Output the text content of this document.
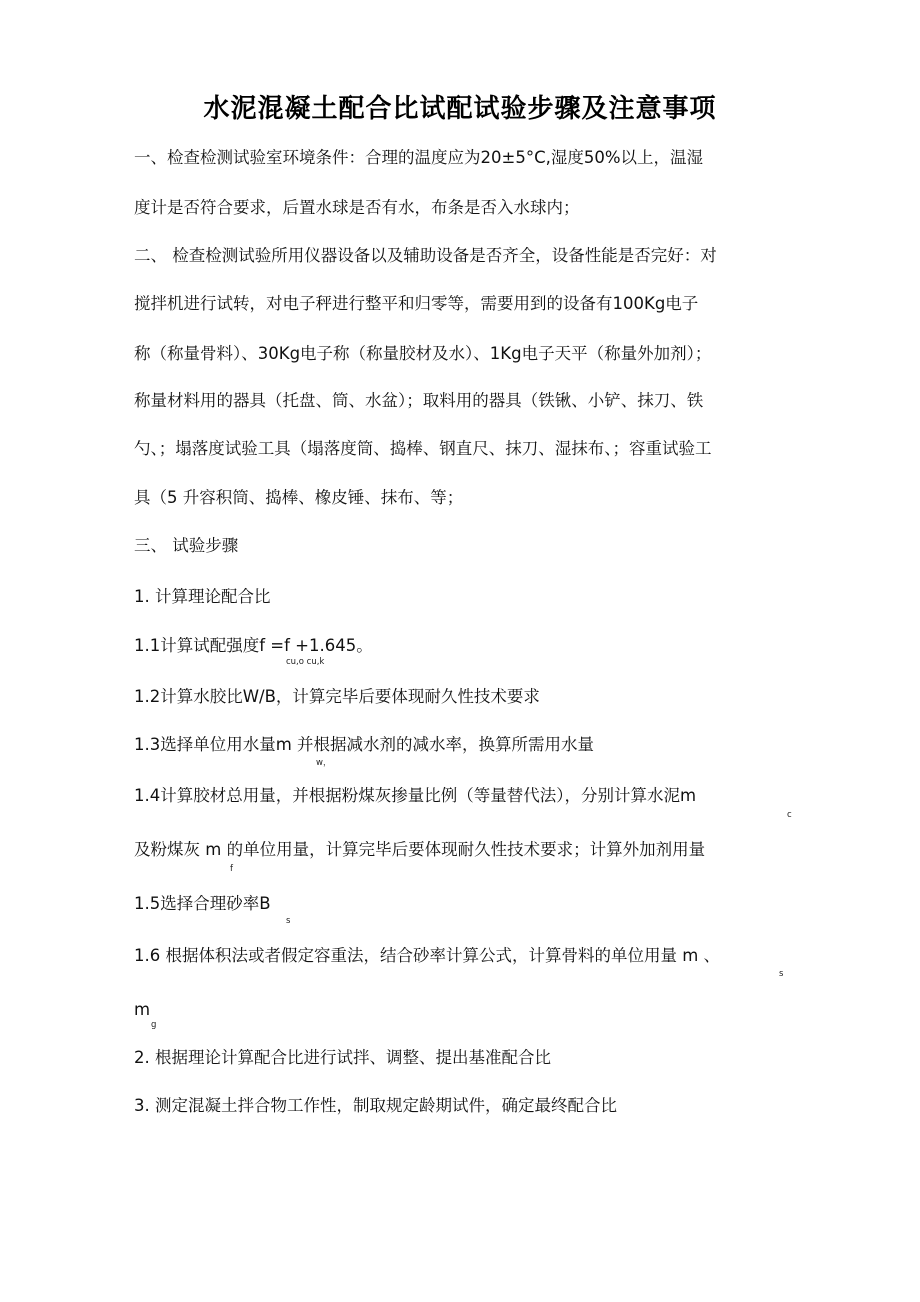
水泥混凝土配合比试配试验步骤及注意事项
一、检查检测试验室环境条件：合理的温度应为20±5°C,湿度50%以上，温湿
度计是否符合要求，后置水球是否有水，布条是否入水球内；
二、 检查检测试验所用仪器设备以及辅助设备是否齐全，设备性能是否完好：对
搅拌机进行试转，对电子秤进行整平和归零等，需要用到的设备有100Kg电子
称（称量骨料）、30Kg电子称（称量胶材及水）、1Kg电子天平（称量外加剂）；
称量材料用的器具（托盘、筒、水盆）；取料用的器具（铁锹、小铲、抹刀、铁
勺、；塌落度试验工具（塌落度筒、捣棒、钢直尺、抹刀、湿抹布、；容重试验工
具（5 升容积筒、捣棒、橡皮锤、抹布、等；
三、 试验步骤
1. 计算理论配合比
1.1计算试配强度f =f +1.645。
cu,o cu,k
1.2计算水胶比W/B，计算完毕后要体现耐久性技术要求
1.3选择单位用水量m 并根据减水剂的减水率，换算所需用水量
w，
1.4计算胶材总用量，并根据粉煤灰掺量比例（等量替代法），分别计算水泥m
c
及粉煤灰 m 的单位用量，计算完毕后要体现耐久性技术要求；计算外加剂用量
f
1.5选择合理砂率B
s
1.6 根据体积法或者假定容重法，结合砂率计算公式，计算骨料的单位用量 m 、
s
m
g
2. 根据理论计算配合比进行试拌、调整、提出基准配合比
3. 测定混凝土拌合物工作性，制取规定龄期试件，确定最终配合比
